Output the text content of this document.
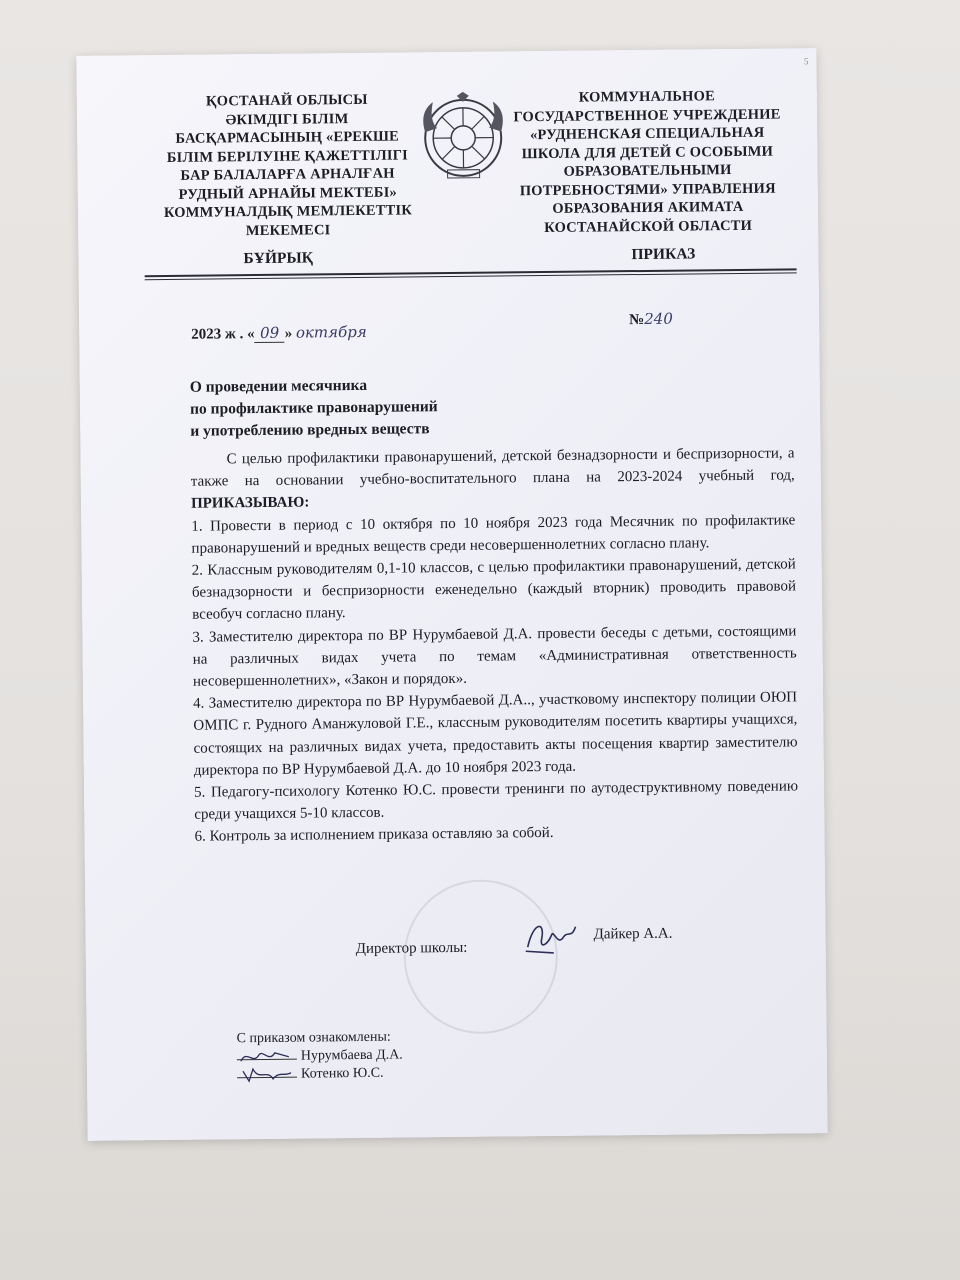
5
ҚОСТАНАЙ ОБЛЫСЫ
ӘКІМДІГІ БІЛІМ
БАСҚАРМАСЫНЫҢ «ЕРЕКШЕ
БІЛІМ БЕРІЛУІНЕ ҚАЖЕТТІЛІГІ
БАР БАЛАЛАРҒА АРНАЛҒАН
РУДНЫЙ АРНАЙЫ МЕКТЕБІ»
КОММУНАЛДЫҚ МЕМЛЕКЕТТІК
МЕКЕМЕСІ
КОММУНАЛЬНОЕ
ГОСУДАРСТВЕННОЕ УЧРЕЖДЕНИЕ
«РУДНЕНСКАЯ СПЕЦИАЛЬНАЯ
ШКОЛА ДЛЯ ДЕТЕЙ С ОСОБЫМИ
ОБРАЗОВАТЕЛЬНЫМИ
ПОТРЕБНОСТЯМИ» УПРАВЛЕНИЯ
ОБРАЗОВАНИЯ АКИМАТА
КОСТАНАЙСКОЙ ОБЛАСТИ
БҰЙРЫҚ	ПРИКАЗ
2023 ж . « 09 » октября
№240
О проведении месячника
по профилактике правонарушений
и употреблению вредных веществ

С целью профилактики правонарушений, детской безнадзорности и беспризорности, а также на основании учебно-воспитательного плана на 2023-2024 учебный год, ПРИКАЗЫВАЮ:

1. Провести в период с 10 октября по 10 ноября 2023 года Месячник по профилактике правонарушений и вредных веществ среди несовершеннолетних согласно плану.

2. Классным руководителям 0,1-10 классов, с целью профилактики правонарушений, детской безнадзорности и беспризорности еженедельно (каждый вторник) проводить правовой всеобуч согласно плану.

3. Заместителю директора по ВР Нурумбаевой Д.А. провести беседы с детьми, состоящими на различных видах учета по темам «Административная ответственность несовершеннолетних», «Закон и порядок».

4. Заместителю директора по ВР Нурумбаевой Д.А.., участковому инспектору полиции ОЮП ОМПС г. Рудного Аманжуловой Г.Е., классным руководителям посетить квартиры учащихся, состоящих на различных видах учета, предоставить акты посещения квартир заместителю директора по ВР Нурумбаевой Д.А. до 10 ноября 2023 года.

5. Педагогу-психологу Котенко Ю.С. провести тренинги по аутодеструктивному поведению среди учащихся 5-10 классов.

6. Контроль за исполнением приказа оставляю за собой.

Директор школы:
Дайкер А.А.
С приказом ознакомлены:
Нурумбаева Д.А.
Котенко Ю.С.
